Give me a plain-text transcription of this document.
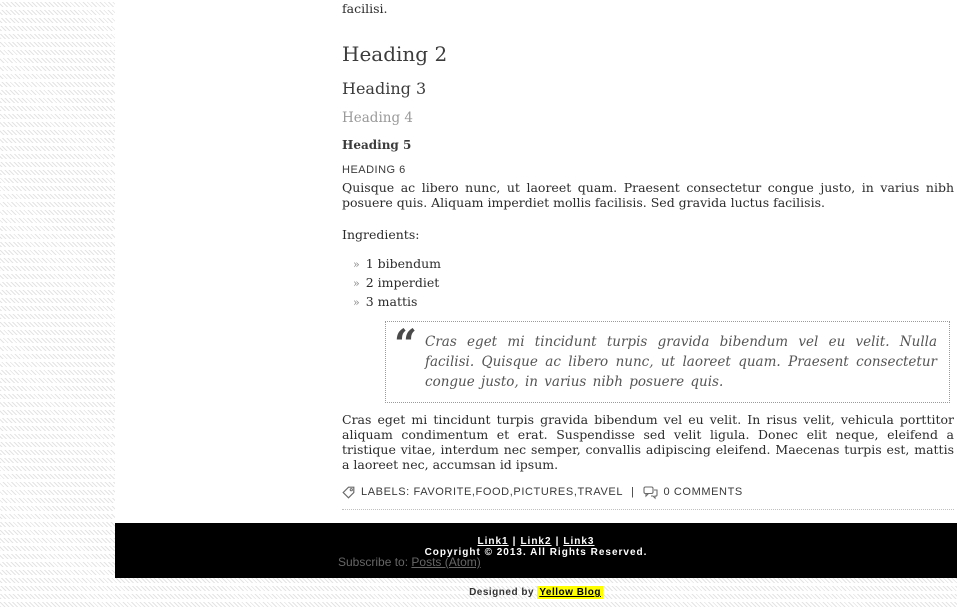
facilisi.

Heading 2
Heading 3
Heading 4
Heading 5
HEADING 6

Quisque ac libero nunc, ut laoreet quam. Praesent consectetur congue justo, in varius nibh posuere quis. Aliquam imperdiet mollis facilisis. Sed gravida luctus facilisis.

Ingredients:

» 1 bibendum
» 2 imperdiet
» 3 mattis
“ Cras eget mi tincidunt turpis gravida bibendum vel eu velit. Nulla facilisi. Quisque ac libero nunc, ut laoreet quam. Praesent consectetur congue justo, in varius nibh posuere quis.

Cras eget mi tincidunt turpis gravida bibendum vel eu velit. In risus velit, vehicula porttitor aliquam condimentum et erat. Suspendisse sed velit ligula. Donec elit neque, eleifend a tristique vitae, interdum nec semper, convallis adipiscing eleifend. Maecenas turpis est, mattis a laoreet nec, accumsan id ipsum.

LABELS:
FAVORITE , FOOD , PICTURES , TRAVEL |	0 COMMENTS
Subscribe to: Posts (Atom)
Link1 | Link2 | Link3
Copyright © 2013. All Rights Reserved.
Designed by Yellow Blog
